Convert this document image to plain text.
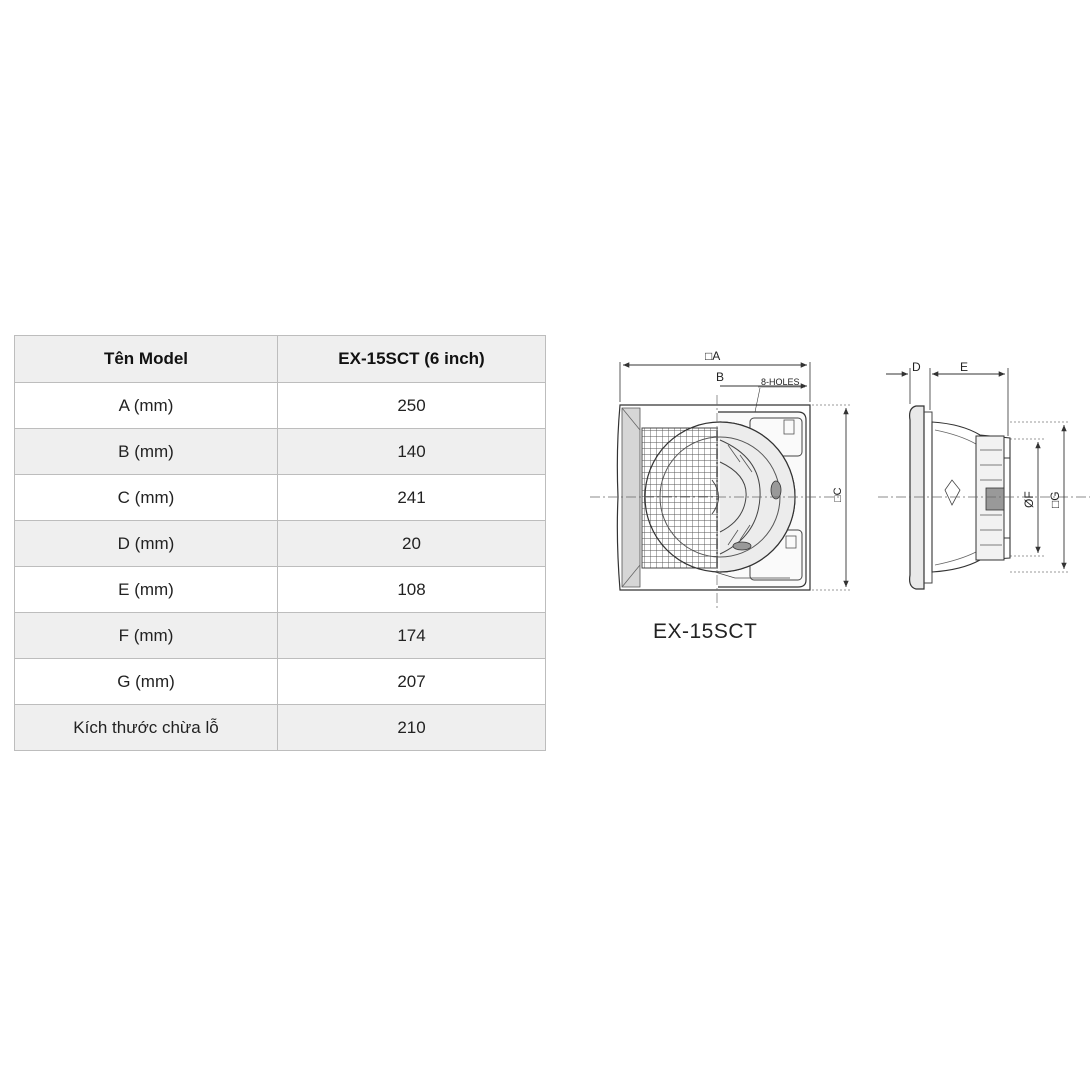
Tên Model	EX-15SCT (6 inch)
A (mm)	250
B (mm)	140
C (mm)	241
D (mm)	20
E (mm)	108
F (mm)	174
G (mm)	207
Kích thước chừa lỗ	210
□A
B	8-HOLES
□C
D	E
ØF □G

EX-15SCT
